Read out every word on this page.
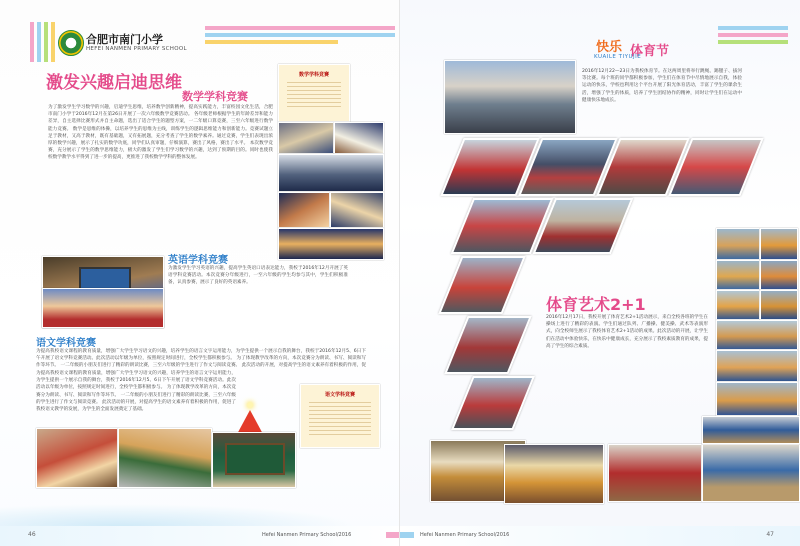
合肥市南门小学
HEFEI NANMEN PRIMARY SCHOOL
激发兴趣启迪思维
数学学科竞赛
为了激发学生学习数学的兴趣，启迪学生思维，培养数学创新精神，提高实践能力，丰富校园文化生活，合肥市南门小学于2016年12月在第26日开展了一次六年级数学竞赛活动。 各年级老师根据学生的年龄差异和能力差异，自主选择比赛形式并自主命题，选出了适合学生的题型方案，一二年级口算竞赛，三至六年级进行数学能力竞赛。 数学是思维的体操，以培养学生的思维为主线，训练学生的逻辑思维能力和创新能力。竞赛试题立足于教材，又高于教材，既有基础题，又有拓展题，充分考查了学生的数学素养。通过竞赛，学生们表现出浓厚的数学兴趣，展示了扎实的数学功底，同学们认真审题，仔细演算，赛出了风格，赛出了水平。 本次数学竞赛，充分展示了学生的数学思维能力，极大的激发了学生们学习数学的兴趣，达到了预期的目的。同时也使我校数学教学水平得到了进一步的提高，更推进了我校数学学科的整体发展。
数学学科竞赛
英语学科竞赛
为激发学生学习英语的兴趣，提高学生英语口语表达能力，我校于2016年12月开展了英语学科竞赛活动。本次竞赛分年级进行，一至六年级的学生均参与其中，学生们积极准备，认真参赛，展示了良好的英语素养。
语文学科竞赛
为提高我校语文课程的教育质量，增强广大学生学习语文的兴趣，培养学生的语言文字运用能力，为学生提供一个展示自我的舞台，我校于2016年12月5、6日下午开展了语文学科竞赛活动。此次活动以年级为单位，按照规定时间进行，全校学生都积极参与。 为了体现教学改革的方向，本次竞赛分为朗读、书写、阅读和写作等环节。 一二年级的小朋友们进行了精彩的朗读比赛，三至六年级的学生进行了作文与阅读竞赛。 此次活动的开展，对提高学生的语文素养有着积极的作用，促
为提高我校语文课程的教育质量，增强广大学生学习语文的兴趣，培养学生的语言文字运用能力，为学生提供一个展示自我的舞台，我校于2016年12月5、6日下午开展了语文学科竞赛活动。此次活动以年级为单位，按照规定时间进行，全校学生都积极参与。 为了体现教学改革的方向，本次竞赛分为朗读、书写、阅读和写作等环节。 一二年级的小朋友们进行了精彩的朗读比赛，三至六年级的学生进行了作文与阅读竞赛。 此次活动的开展，对提高学生的语文素养有着积极的作用，促进了我校语文教学的发展，为学生的全面发展奠定了基础。
语文学科竞赛
46	Hefei Nanmen Primary School/2016
快乐 体育节
KUAILE TIYUJIE
2016年12月22—23日为我校体育节。在这两周里将举行跳绳、踢毽子、拔河等比赛。每个班的同学都积极参加，学生们在体育节中尽情地展示自我，体验运动的快乐，学校也利用这个平台开展了阳光体育活动，丰富了学生的课余生活，增强了学生的体质，培养了学生团结协作的精神，同时让学生们在运动中健康快乐地成长。
体育艺术2+1
2016年12月17日，我校开展了体育艺术2+1活动展示，来自全校各班的学生在操场上进行了精彩的表演。学生们通过队列、广播操、健美操、武术等表演形式，向全校师生展示了我校体育艺术2+1活动的成果。此次活动的开展，让学生们在活动中体验快乐，在快乐中健康成长，充分展示了我校素质教育的成果，提高了学生的综合素质。
Hefei Nanmen Primary School/2016	47
